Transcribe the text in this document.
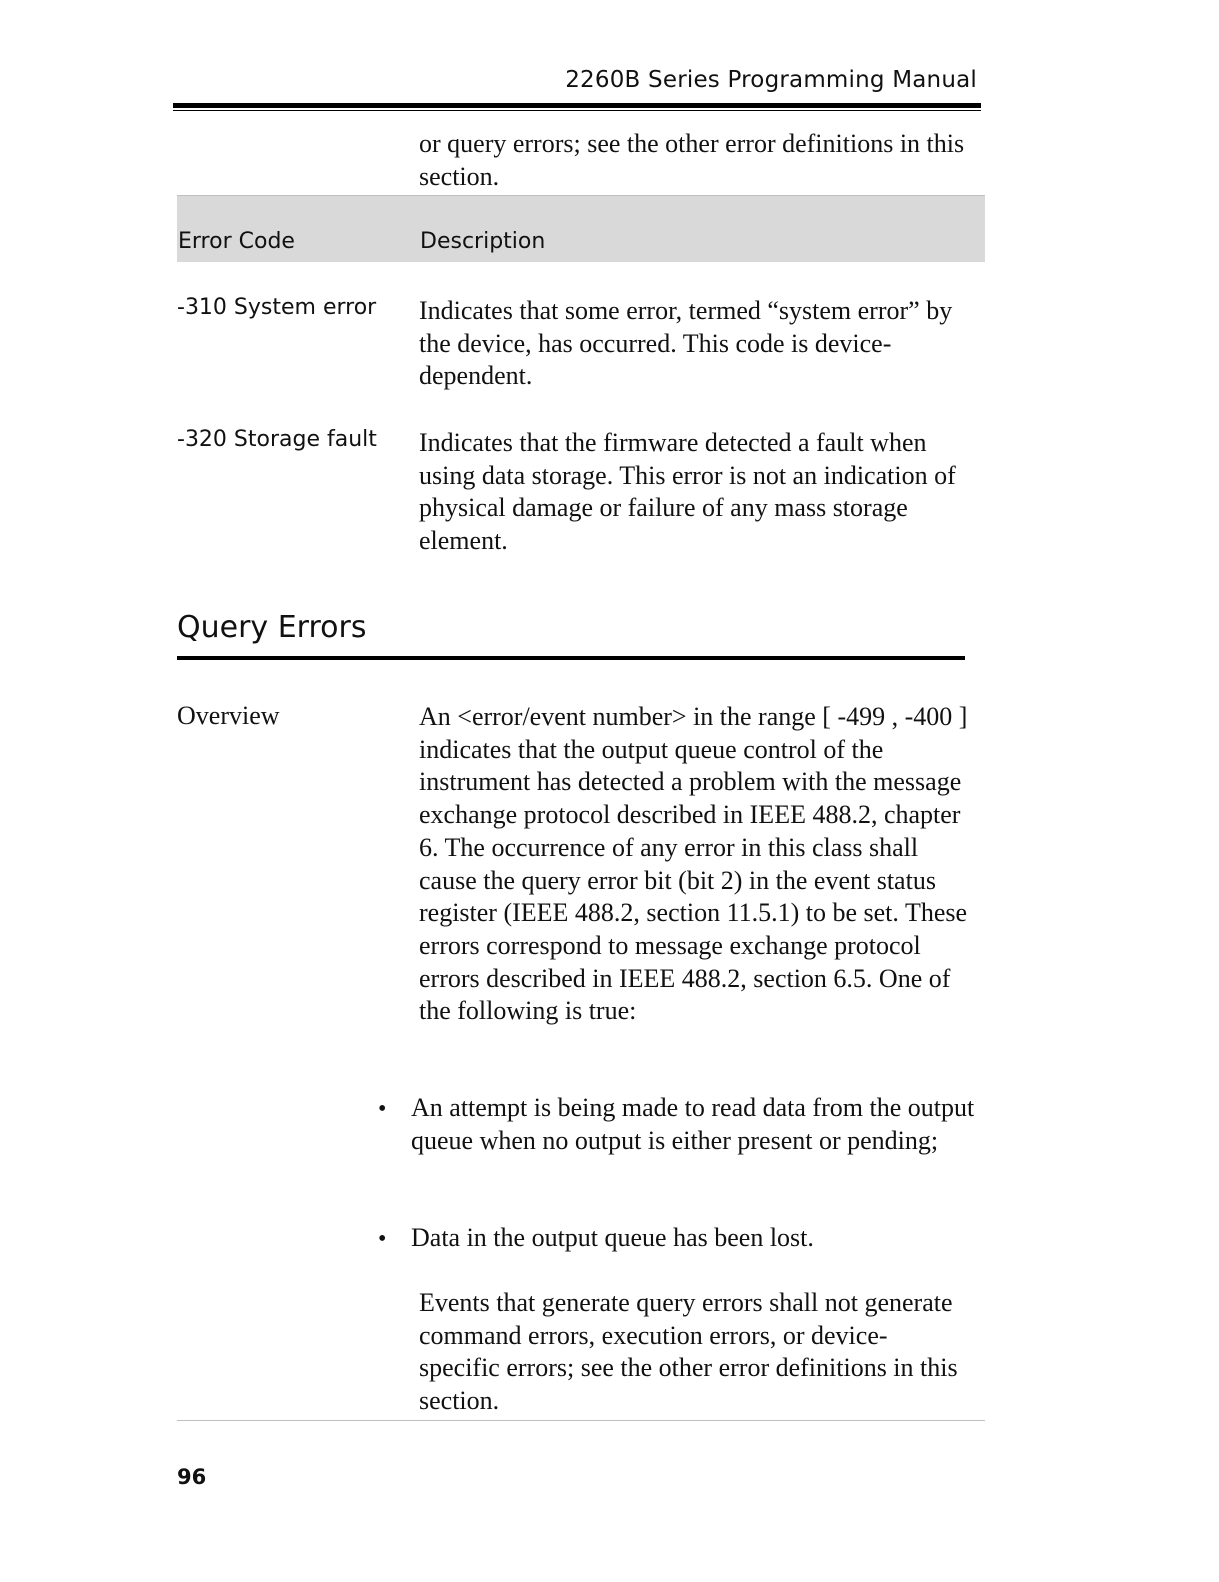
2260B Series Programming Manual
or query errors; see the other error definitions in this section.
Error Code	Description
-310 System error Indicates that some error, termed “system error” by the device, has occurred. This code is device-dependent.
-320 Storage fault Indicates that the firmware detected a fault when using data storage. This error is not an indication of physical damage or failure of any mass storage element.
Query Errors
Overview	An <error/event number> in the range [ -499 , -400 ] indicates that the output queue control of the instrument has detected a problem with the message exchange protocol described in IEEE 488.2, chapter 6. The occurrence of any error in this class shall cause the query error bit (bit 2) in the event status register (IEEE 488.2, section 11.5.1) to be set. These errors correspond to message exchange protocol errors described in IEEE 488.2, section 6.5. One of the following is true:
• An attempt is being made to read data from the output queue when no output is either present or pending;
• Data in the output queue has been lost.
Events that generate query errors shall not generate command errors, execution errors, or device-specific errors; see the other error definitions in this section.
96
